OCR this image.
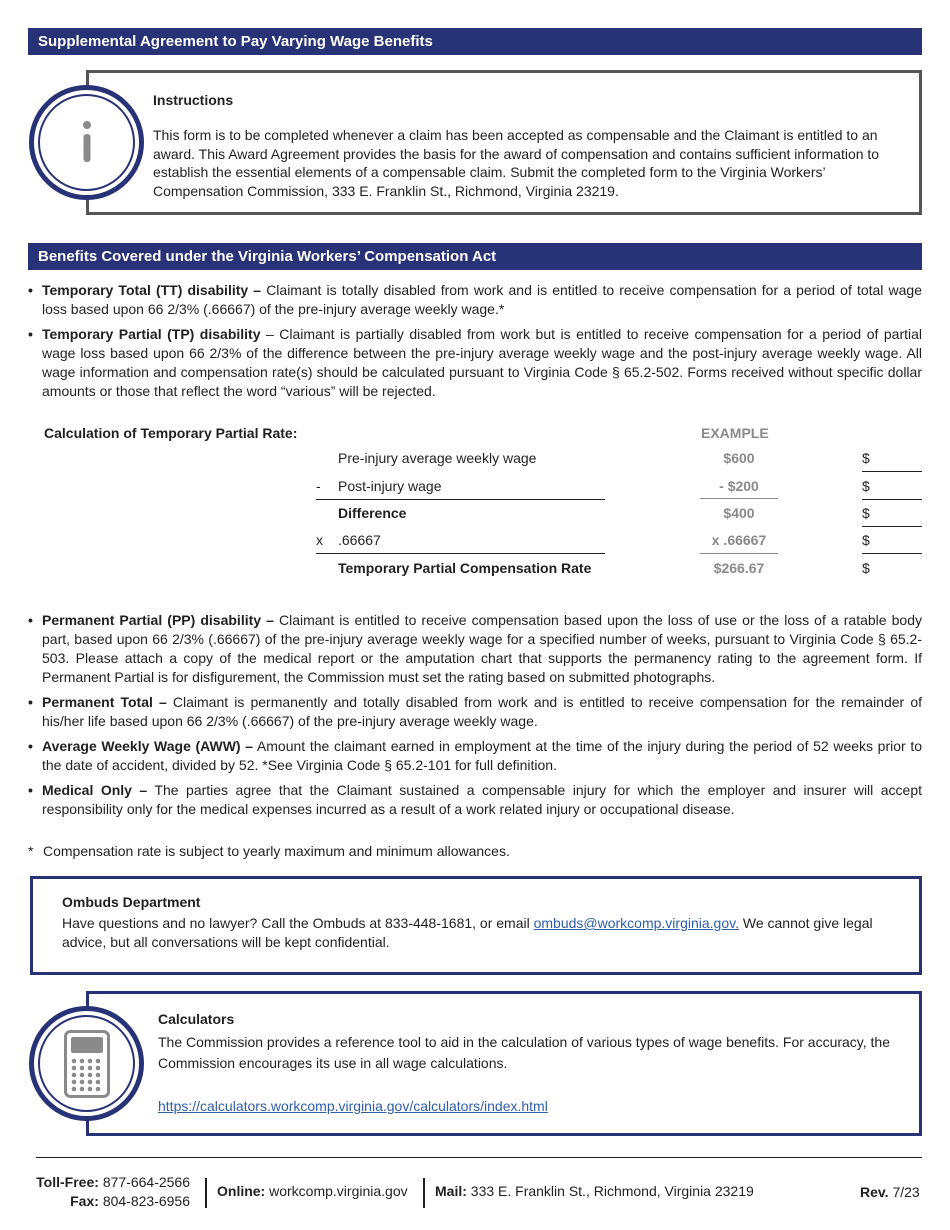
Supplemental Agreement to Pay Varying Wage Benefits
Instructions
This form is to be completed whenever a claim has been accepted as compensable and the Claimant is entitled to an award. This Award Agreement provides the basis for the award of compensation and contains sufficient information to establish the essential elements of a compensable claim. Submit the completed form to the Virginia Workers’ Compensation Commission, 333 E. Franklin St., Richmond, Virginia 23219.
Benefits Covered under the Virginia Workers’ Compensation Act
• Temporary Total (TT) disability – Claimant is totally disabled from work and is entitled to receive compensation for a period of total wage loss based upon 66 2/3% (.66667) of the pre-injury average weekly wage.*
• Temporary Partial (TP) disability – Claimant is partially disabled from work but is entitled to receive compensation for a period of partial wage loss based upon 66 2/3% of the difference between the pre-injury average weekly wage and the post-injury average weekly wage. All wage information and compensation rate(s) should be calculated pursuant to Virginia Code § 65.2-502. Forms received without specific dollar amounts or those that reflect the word “various” will be rejected.
Calculation of Temporary Partial Rate:	EXAMPLE
Pre-injury average weekly wage	$600	$
- Post-injury wage	- $200	$
Difference	$400	$
x .66667	x .66667	$
Temporary Partial Compensation Rate	$266.67	$
• Permanent Partial (PP) disability – Claimant is entitled to receive compensation based upon the loss of use or the loss of a ratable body part, based upon 66 2/3% (.66667) of the pre-injury average weekly wage for a specified number of weeks, pursuant to Virginia Code § 65.2-503. Please attach a copy of the medical report or the amputation chart that supports the permanency rating to the agreement form. If Permanent Partial is for disfigurement, the Commission must set the rating based on submitted photographs.
• Permanent Total – Claimant is permanently and totally disabled from work and is entitled to receive compensation for the remainder of his/her life based upon 66 2/3% (.66667) of the pre-injury average weekly wage.
• Average Weekly Wage (AWW) – Amount the claimant earned in employment at the time of the injury during the period of 52 weeks prior to the date of accident, divided by 52. *See Virginia Code § 65.2-101 for full definition.
• Medical Only – The parties agree that the Claimant sustained a compensable injury for which the employer and insurer will accept responsibility only for the medical expenses incurred as a result of a work related injury or occupational disease.
* Compensation rate is subject to yearly maximum and minimum allowances.
Ombuds Department
Have questions and no lawyer? Call the Ombuds at 833-448-1681, or email ombuds@workcomp.virginia.gov. We cannot give legal advice, but all conversations will be kept confidential.
Calculators
The Commission provides a reference tool to aid in the calculation of various types of wage benefits. For accuracy, the Commission encourages its use in all wage calculations.
https://calculators.workcomp.virginia.gov/calculators/index.html
Toll-Free: 877-664-2566
Fax: 804-823-6956
Online: workcomp.virginia.gov Mail: 333 E. Franklin St., Richmond, Virginia 23219	Rev. 7/23
